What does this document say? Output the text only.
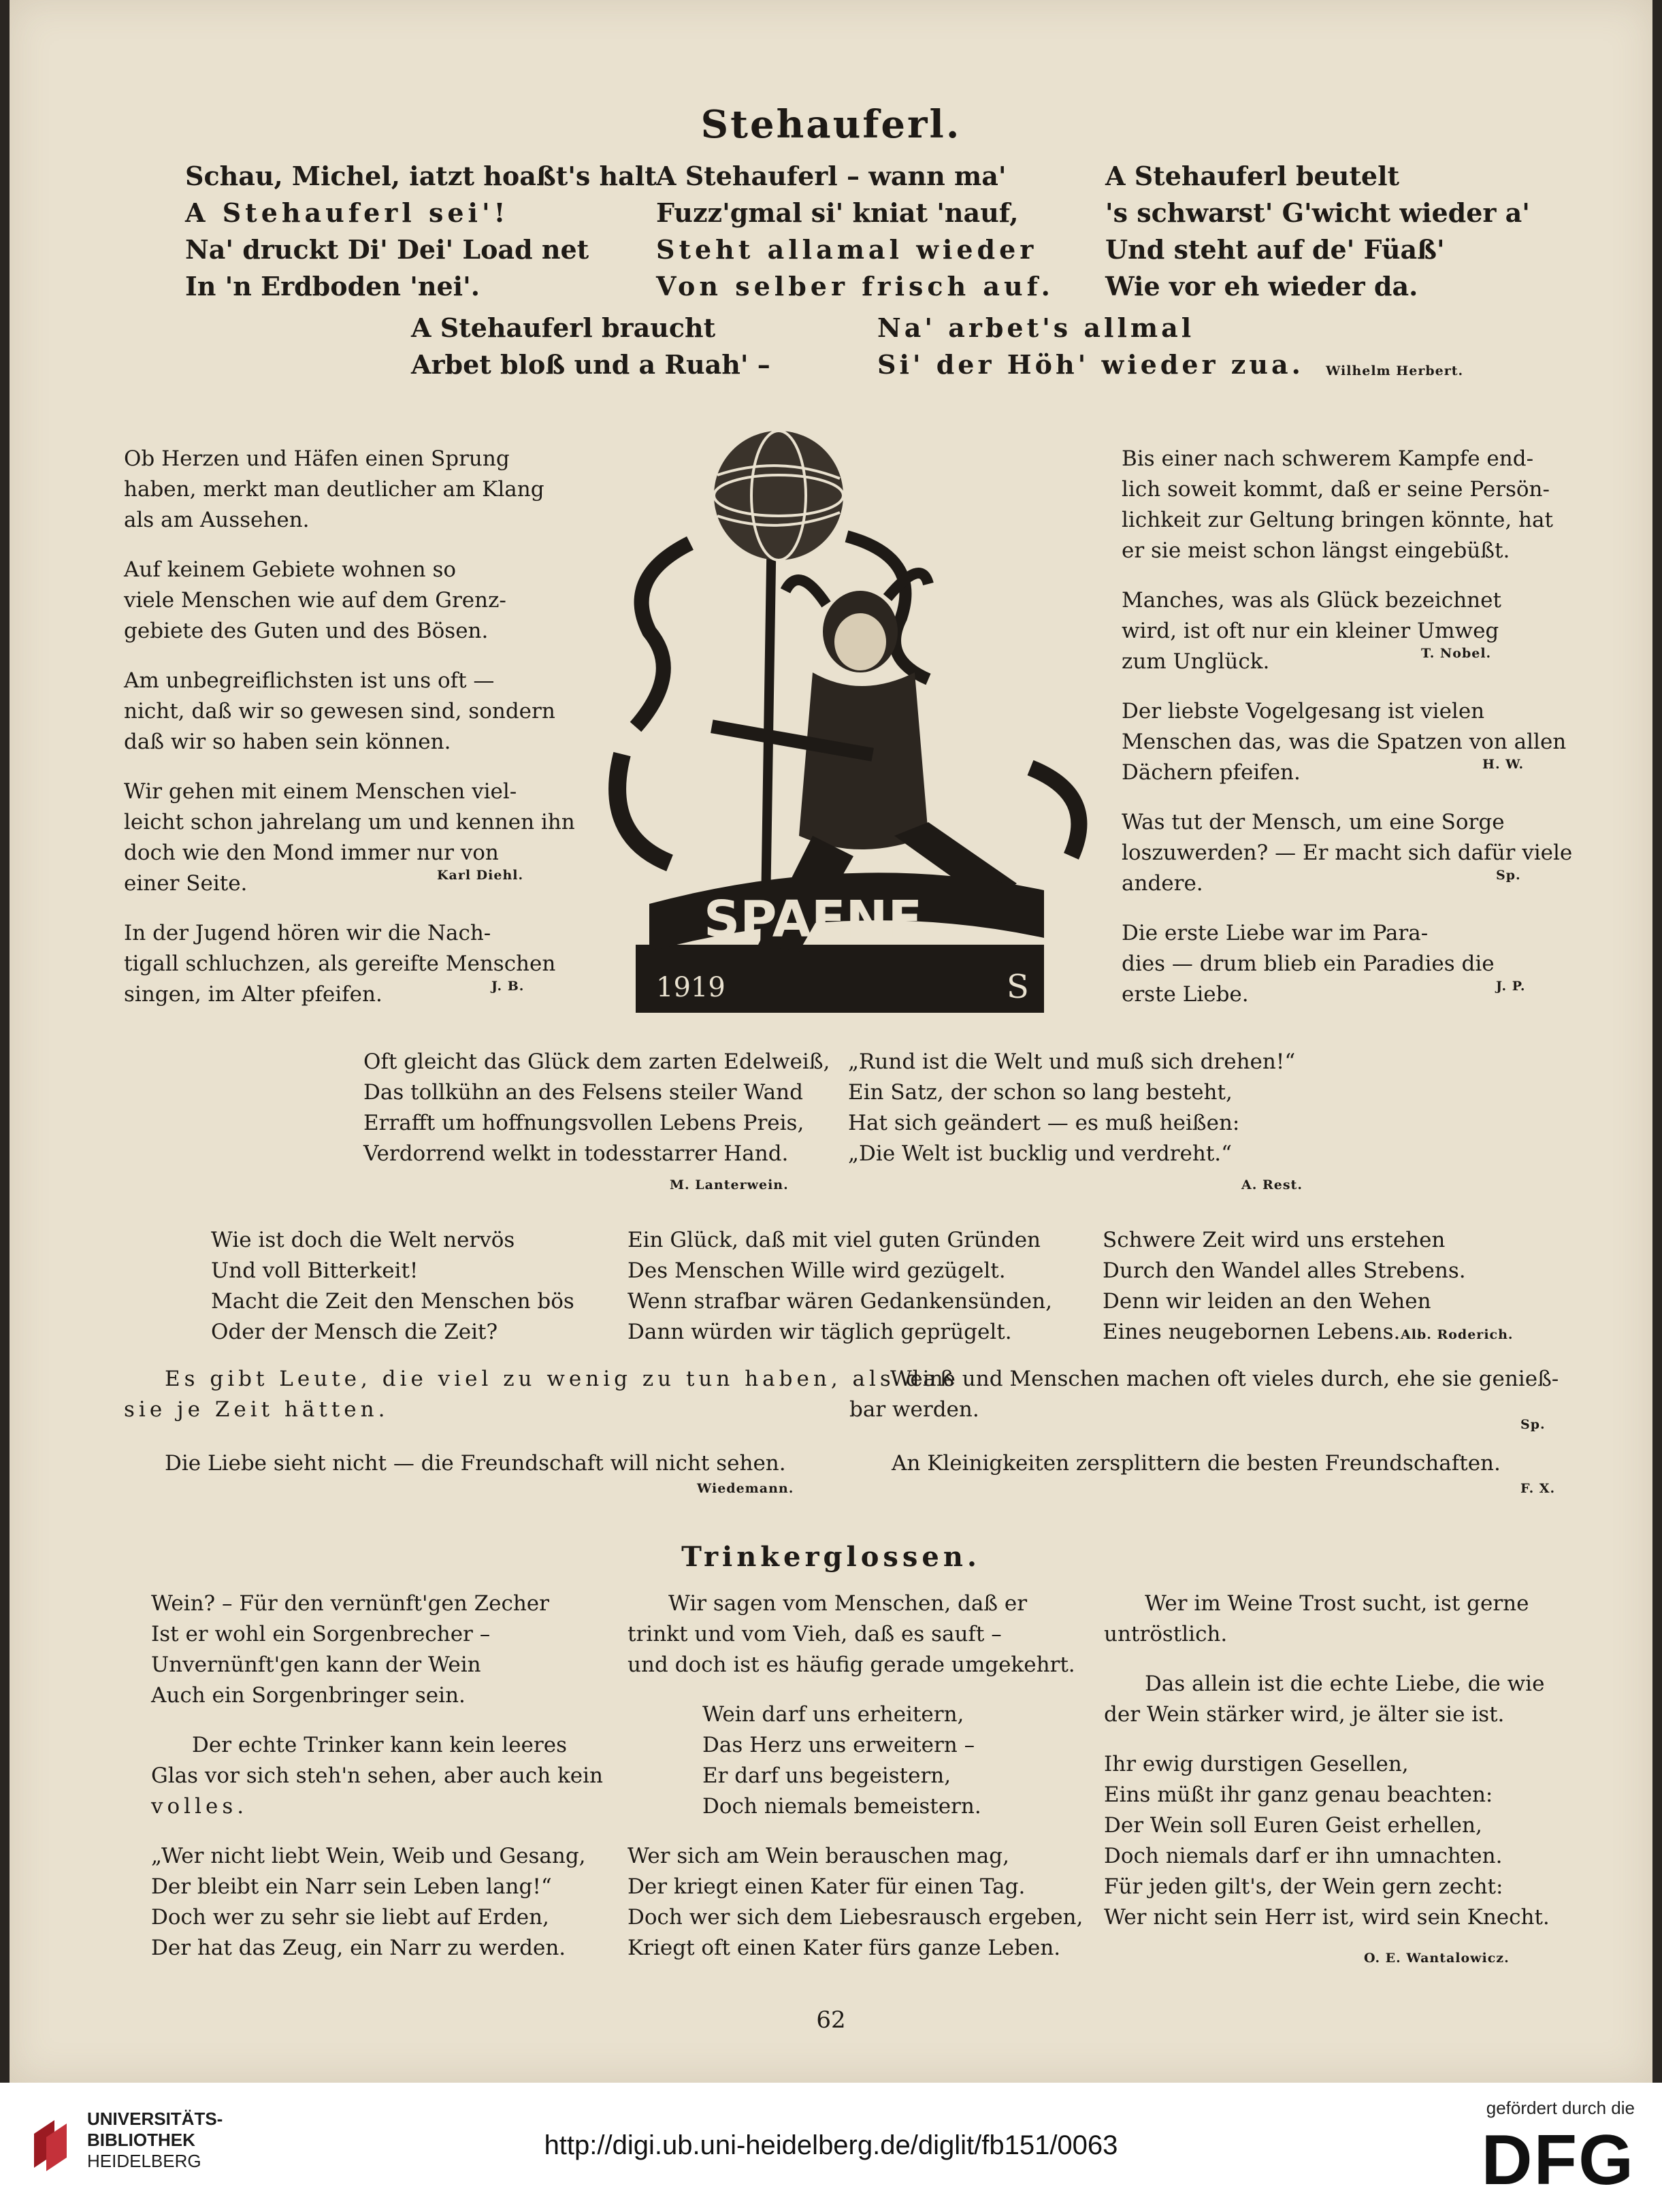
Stehauferl.

Schau, Michel, iatzt hoaßt's halt

A Stehauferl sei'!

Na' druckt Di' Dei' Load net

In 'n Erdboden 'nei'.

A Stehauferl – wann ma'

Fuzz'gmal si' kniat 'nauf,

Steht allamal wieder

Von selber frisch auf.

A Stehauferl beutelt

's schwarst' G'wicht wieder a'

Und steht auf de' Füaß'

Wie vor eh wieder da.

A Stehauferl braucht

Arbet bloß und a Ruah' –

Na' arbet's allmal

Si' der Höh' wieder zua. Wilhelm Herbert.
Ob Herzen und Häfen einen Sprung
haben, merkt man deutlicher am Klang
als am Aussehen.
Auf keinem Gebiete wohnen so
viele Menschen wie auf dem Grenz-
gebiete des Guten und des Bösen.
Am unbegreiflichsten ist uns oft —
nicht, daß wir so gewesen sind, sondern
daß wir so haben sein können.
Wir gehen mit einem Menschen viel-
leicht schon jahrelang um und kennen ihn
doch wie den Mond immer nur von
einer Seite.	Karl Diehl.
In der Jugend hören wir die Nach-
tigall schluchzen, als gereifte Menschen
singen, im Alter pfeifen.	J. B.
SPAENE
1919	S
Bis einer nach schwerem Kampfe end-
lich soweit kommt, daß er seine Persön-
lichkeit zur Geltung bringen könnte, hat
er sie meist schon längst eingebüßt.
Manches, was als Glück bezeichnet
wird, ist oft nur ein kleiner Umweg
zum Unglück.	T. Nobel.
Der liebste Vogelgesang ist vielen
Menschen das, was die Spatzen von allen
Dächern pfeifen.	H. W.
Was tut der Mensch, um eine Sorge
loszuwerden? — Er macht sich dafür viele
andere.	Sp.
Die erste Liebe war im Para-
dies — drum blieb ein Paradies die
erste Liebe.	J. P.

Oft gleicht das Glück dem zarten Edelweiß,

Das tollkühn an des Felsens steiler Wand

Errafft um hoffnungsvollen Lebens Preis,

Verdorrend welkt in todesstarrer Hand.

M. Lanterwein.

„Rund ist die Welt und muß sich drehen!“

Ein Satz, der schon so lang besteht,

Hat sich geändert — es muß heißen:

„Die Welt ist bucklig und verdreht.“

A. Rest.

Wie ist doch die Welt nervös

Und voll Bitterkeit!

Macht die Zeit den Menschen bös

Oder der Mensch die Zeit?

Ein Glück, daß mit viel guten Gründen

Des Menschen Wille wird gezügelt.

Wenn strafbar wären Gedankensünden,

Dann würden wir täglich geprügelt.

Schwere Zeit wird uns erstehen

Durch den Wandel alles Strebens.

Denn wir leiden an den Wehen

Eines neugebornen Lebens. Alb. Roderich.

Es gibt Leute, die viel zu wenig zu tun haben, als daß

sie je Zeit hätten.

Weine und Menschen machen oft vieles durch, ehe sie genieß-

bar werden.

Sp.

Die Liebe sieht nicht — die Freundschaft will nicht sehen.

Wiedemann.

An Kleinigkeiten zersplittern die besten Freundschaften.

F. X.
Trinkerglossen.
Wein? – Für den vernünft'gen Zecher
Ist er wohl ein Sorgenbrecher –
Unvernünft'gen kann der Wein
Auch ein Sorgenbringer sein.
Der echte Trinker kann kein leeres
Glas vor sich steh'n sehen, aber auch kein
volles.
„Wer nicht liebt Wein, Weib und Gesang,
Der bleibt ein Narr sein Leben lang!“
Doch wer zu sehr sie liebt auf Erden,
Der hat das Zeug, ein Narr zu werden.
Wir sagen vom Menschen, daß er
trinkt und vom Vieh, daß es sauft –
und doch ist es häufig gerade umgekehrt.
Wein darf uns erheitern,
Das Herz uns erweitern –
Er darf uns begeistern,
Doch niemals bemeistern.
Wer sich am Wein berauschen mag,
Der kriegt einen Kater für einen Tag.
Doch wer sich dem Liebesrausch ergeben,
Kriegt oft einen Kater fürs ganze Leben.
Wer im Weine Trost sucht, ist gerne
untröstlich.
Das allein ist die echte Liebe, die wie
der Wein stärker wird, je älter sie ist.
Ihr ewig durstigen Gesellen,
Eins müßt ihr ganz genau beachten:
Der Wein soll Euren Geist erhellen,
Doch niemals darf er ihn umnachten.
Für jeden gilt's, der Wein gern zecht:
Wer nicht sein Herr ist, wird sein Knecht.
O. E. Wantalowicz.
62
UNIVERSITÄTS-
BIBLIOTHEK
HEIDELBERG
http://digi.ub.uni-heidelberg.de/diglit/fb151/0063
gefördert durch die
DFG
